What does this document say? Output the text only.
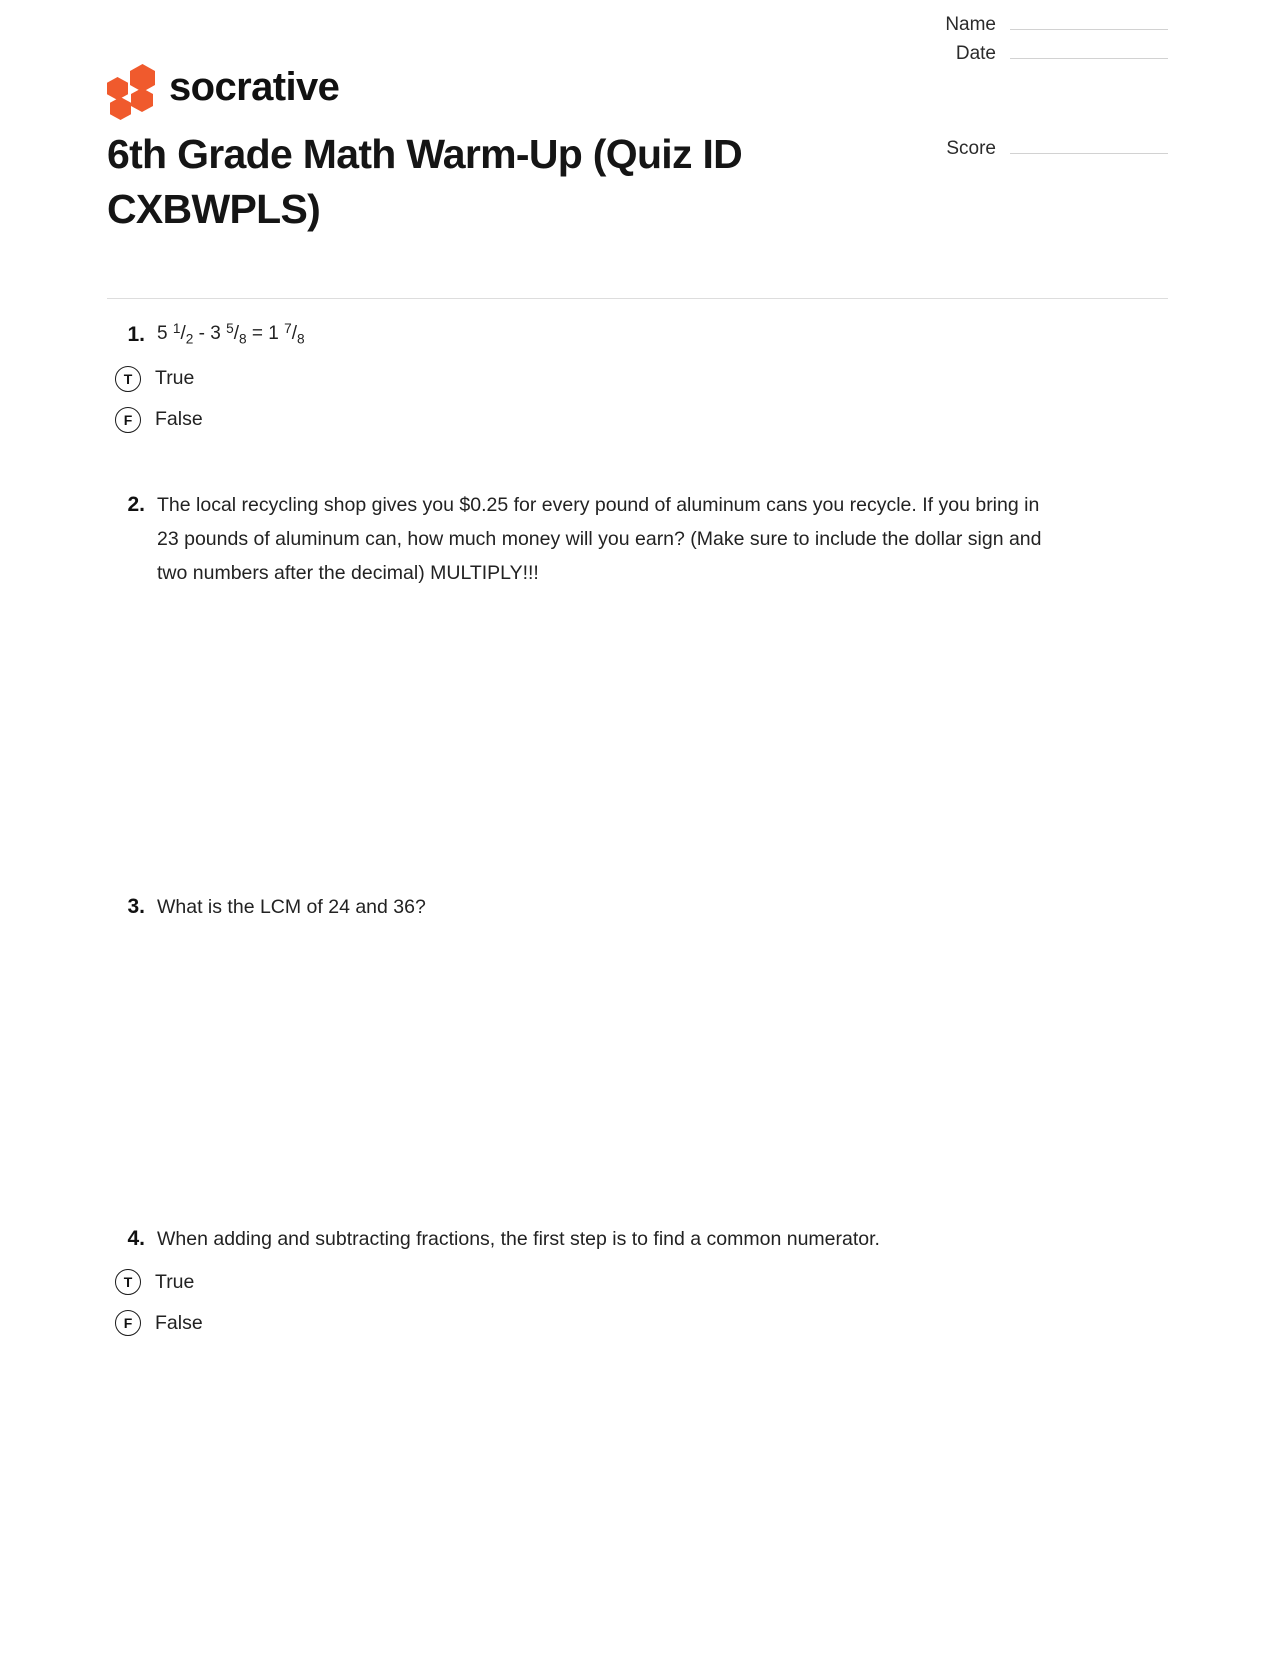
socrative
Name
Date
Score
6th Grade Math Warm-Up (Quiz ID CXBWPLS)
1. 5 $^1/_2 - 3$ $^5/_8 = 1$ $^7/_8$
T	True
F	False
2. The local recycling shop gives you $0.25 for every pound of aluminum cans you recycle. If you bring in 23 pounds of aluminum can, how much money will you earn? (Make sure to include the dollar sign and two numbers after the decimal) MULTIPLY!!!
3. What is the LCM of 24 and 36?
4. When adding and subtracting fractions, the first step is to find a common numerator.
T	True
F	False
